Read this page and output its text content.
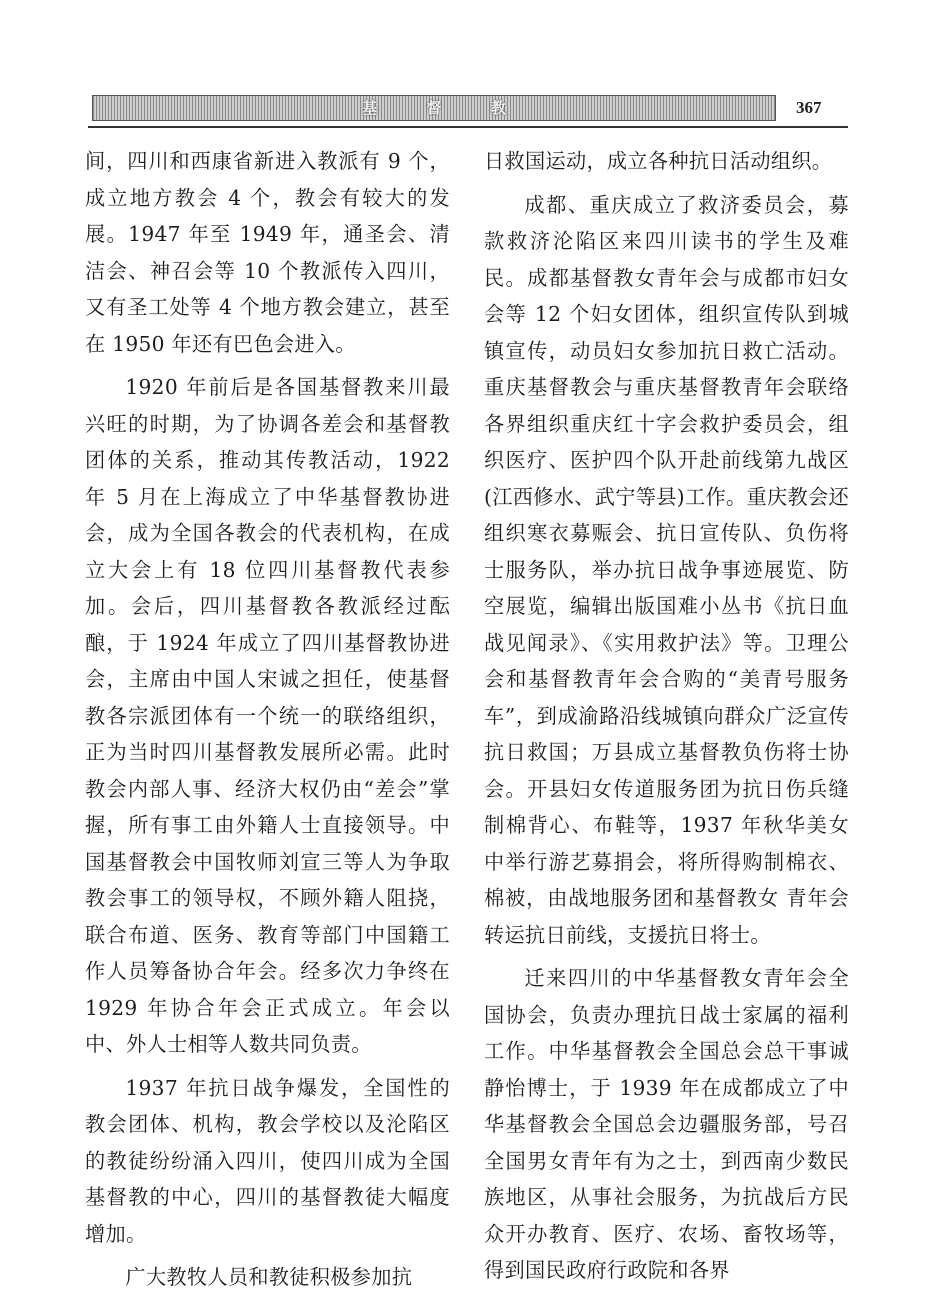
基 督 教	367

间，四川和西康省新进入教派有 9 个，成立地方教会 4 个，教会有较大的发展。1947 年至 1949 年，通圣会、清洁会、神召会等 10 个教派传入四川，又有圣工处等 4 个地方教会建立，甚至在 1950 年还有巴色会进入。

1920 年前后是各国基督教来川最兴旺的时期，为了协调各差会和基督教团体的关系，推动其传教活动，1922 年 5 月在上海成立了中华基督教协进会，成为全国各教会的代表机构，在成立大会上有 18 位四川基督教代表参加。会后，四川基督教各教派经过酝酿，于 1924 年成立了四川基督教协进会，主席由中国人宋诚之担任，使基督教各宗派团体有一个统一的联络组织，正为当时四川基督教发展所必需。此时教会内部人事、经济大权仍由“差会”掌握，所有事工由外籍人士直接领导。中国基督教会中国牧师刘宣三等人为争取教会事工的领导权，不顾外籍人阻挠，联合布道、医务、教育等部门中国籍工作人员筹备协合年会。经多次力争终在 1929 年协合年会正式成立。年会以中、外人士相等人数共同负责。

1937 年抗日战争爆发，全国性的教会团体、机构，教会学校以及沦陷区的教徒纷纷涌入四川，使四川成为全国基督教的中心，四川的基督教徒大幅度增加。

广大教牧人员和教徒积极参加抗

日救国运动，成立各种抗日活动组织。

成都、重庆成立了救济委员会，募款救济沦陷区来四川读书的学生及难民。成都基督教女青年会与成都市妇女会等 12 个妇女团体，组织宣传队到城镇宣传，动员妇女参加抗日救亡活动。重庆基督教会与重庆基督教青年会联络各界组织重庆红十字会救护委员会，组织医疗、医护四个队开赴前线第九战区(江西修水、武宁等县)工作。重庆教会还组织寒衣募赈会、抗日宣传队、负伤将士服务队，举办抗日战争事迹展览、防空展览，编辑出版国难小丛书《抗日血战见闻录》、《实用救护法》等。卫理公会和基督教青年会合购的“美青号服务车”，到成渝路沿线城镇向群众广泛宣传抗日救国；万县成立基督教负伤将士协会。开县妇女传道服务团为抗日伤兵缝制棉背心、布鞋等，1937 年秋华美女中举行游艺募捐会，将所得购制棉衣、棉被，由战地服务团和基督教女 青年会转运抗日前线，支援抗日将士。

迁来四川的中华基督教女青年会全国协会，负责办理抗日战士家属的福利工作。中华基督教会全国总会总干事诚静怡博士，于 1939 年在成都成立了中华基督教会全国总会边疆服务部，号召全国男女青年有为之士，到西南少数民族地区，从事社会服务，为抗战后方民众开办教育、医疗、农场、畜牧场等，得到国民政府行政院和各界
